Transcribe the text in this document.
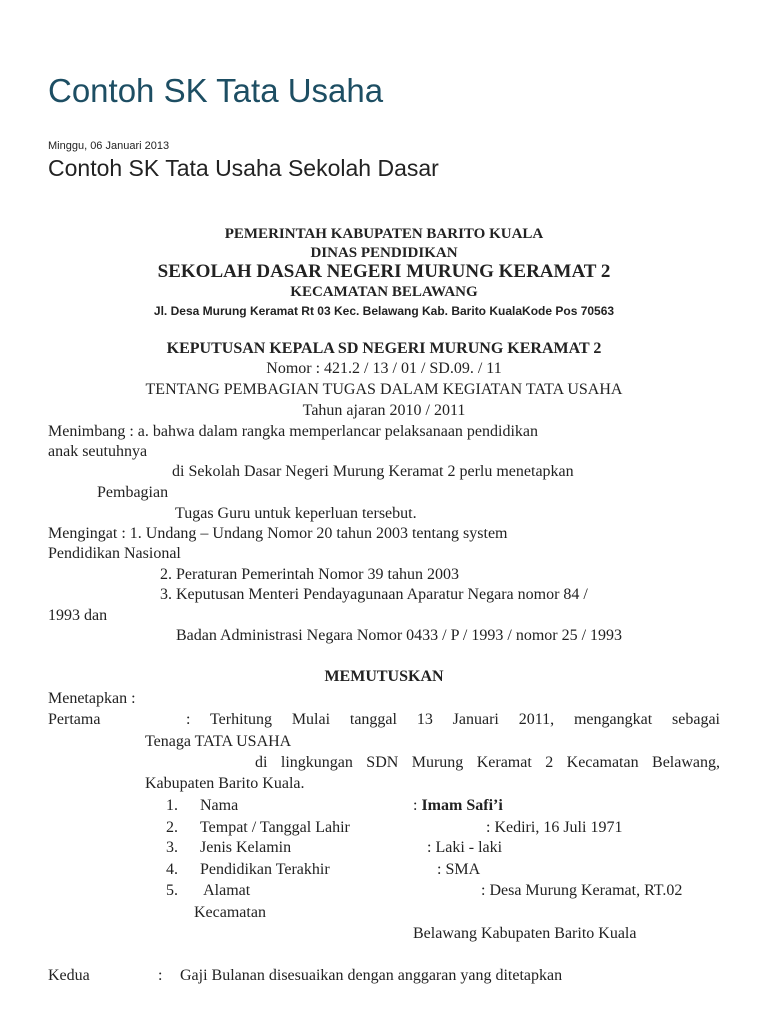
Contoh SK Tata Usaha
Minggu, 06 Januari 2013
Contoh SK Tata Usaha Sekolah Dasar
PEMERINTAH KABUPATEN BARITO KUALA
DINAS PENDIDIKAN
SEKOLAH DASAR NEGERI MURUNG KERAMAT 2
KECAMATAN BELAWANG
Jl. Desa Murung Keramat Rt 03 Kec. Belawang Kab. Barito KualaKode Pos 70563
KEPUTUSAN KEPALA SD NEGERI MURUNG KERAMAT 2
Nomor : 421.2 / 13 / 01 / SD.09. / 11
TENTANG PEMBAGIAN TUGAS DALAM KEGIATAN TATA USAHA
Tahun ajaran 2010 / 2011
Menimbang : a. bahwa dalam rangka memperlancar pelaksanaan pendidikan
anak seutuhnya
di Sekolah Dasar Negeri Murung Keramat 2 perlu menetapkan
Pembagian
Tugas Guru untuk keperluan tersebut.
Mengingat : 1. Undang – Undang Nomor 20 tahun 2003 tentang system
Pendidikan Nasional
2. Peraturan Pemerintah Nomor 39 tahun 2003
3. Keputusan Menteri Pendayagunaan Aparatur Negara nomor 84 /
1993 dan
Badan Administrasi Negara Nomor 0433 / P / 1993 / nomor 25 / 1993
MEMUTUSKAN
Menetapkan :
Pertama	: Terhitung Mulai tanggal 13 Januari 2011, mengangkat sebagai
Tenaga TATA USAHA
di lingkungan SDN Murung Keramat 2 Kecamatan Belawang,
Kabupaten Barito Kuala.
1. Nama	: Imam Safi’i
2. Tempat / Tanggal Lahir	: Kediri, 16 Juli 1971
3. Jenis Kelamin	: Laki - laki
4. Pendidikan Terakhir	: SMA
5. Alamat	: Desa Murung Keramat, RT.02
Kecamatan
Belawang Kabupaten Barito Kuala
Kedua	: Gaji Bulanan disesuaikan dengan anggaran yang ditetapkan
